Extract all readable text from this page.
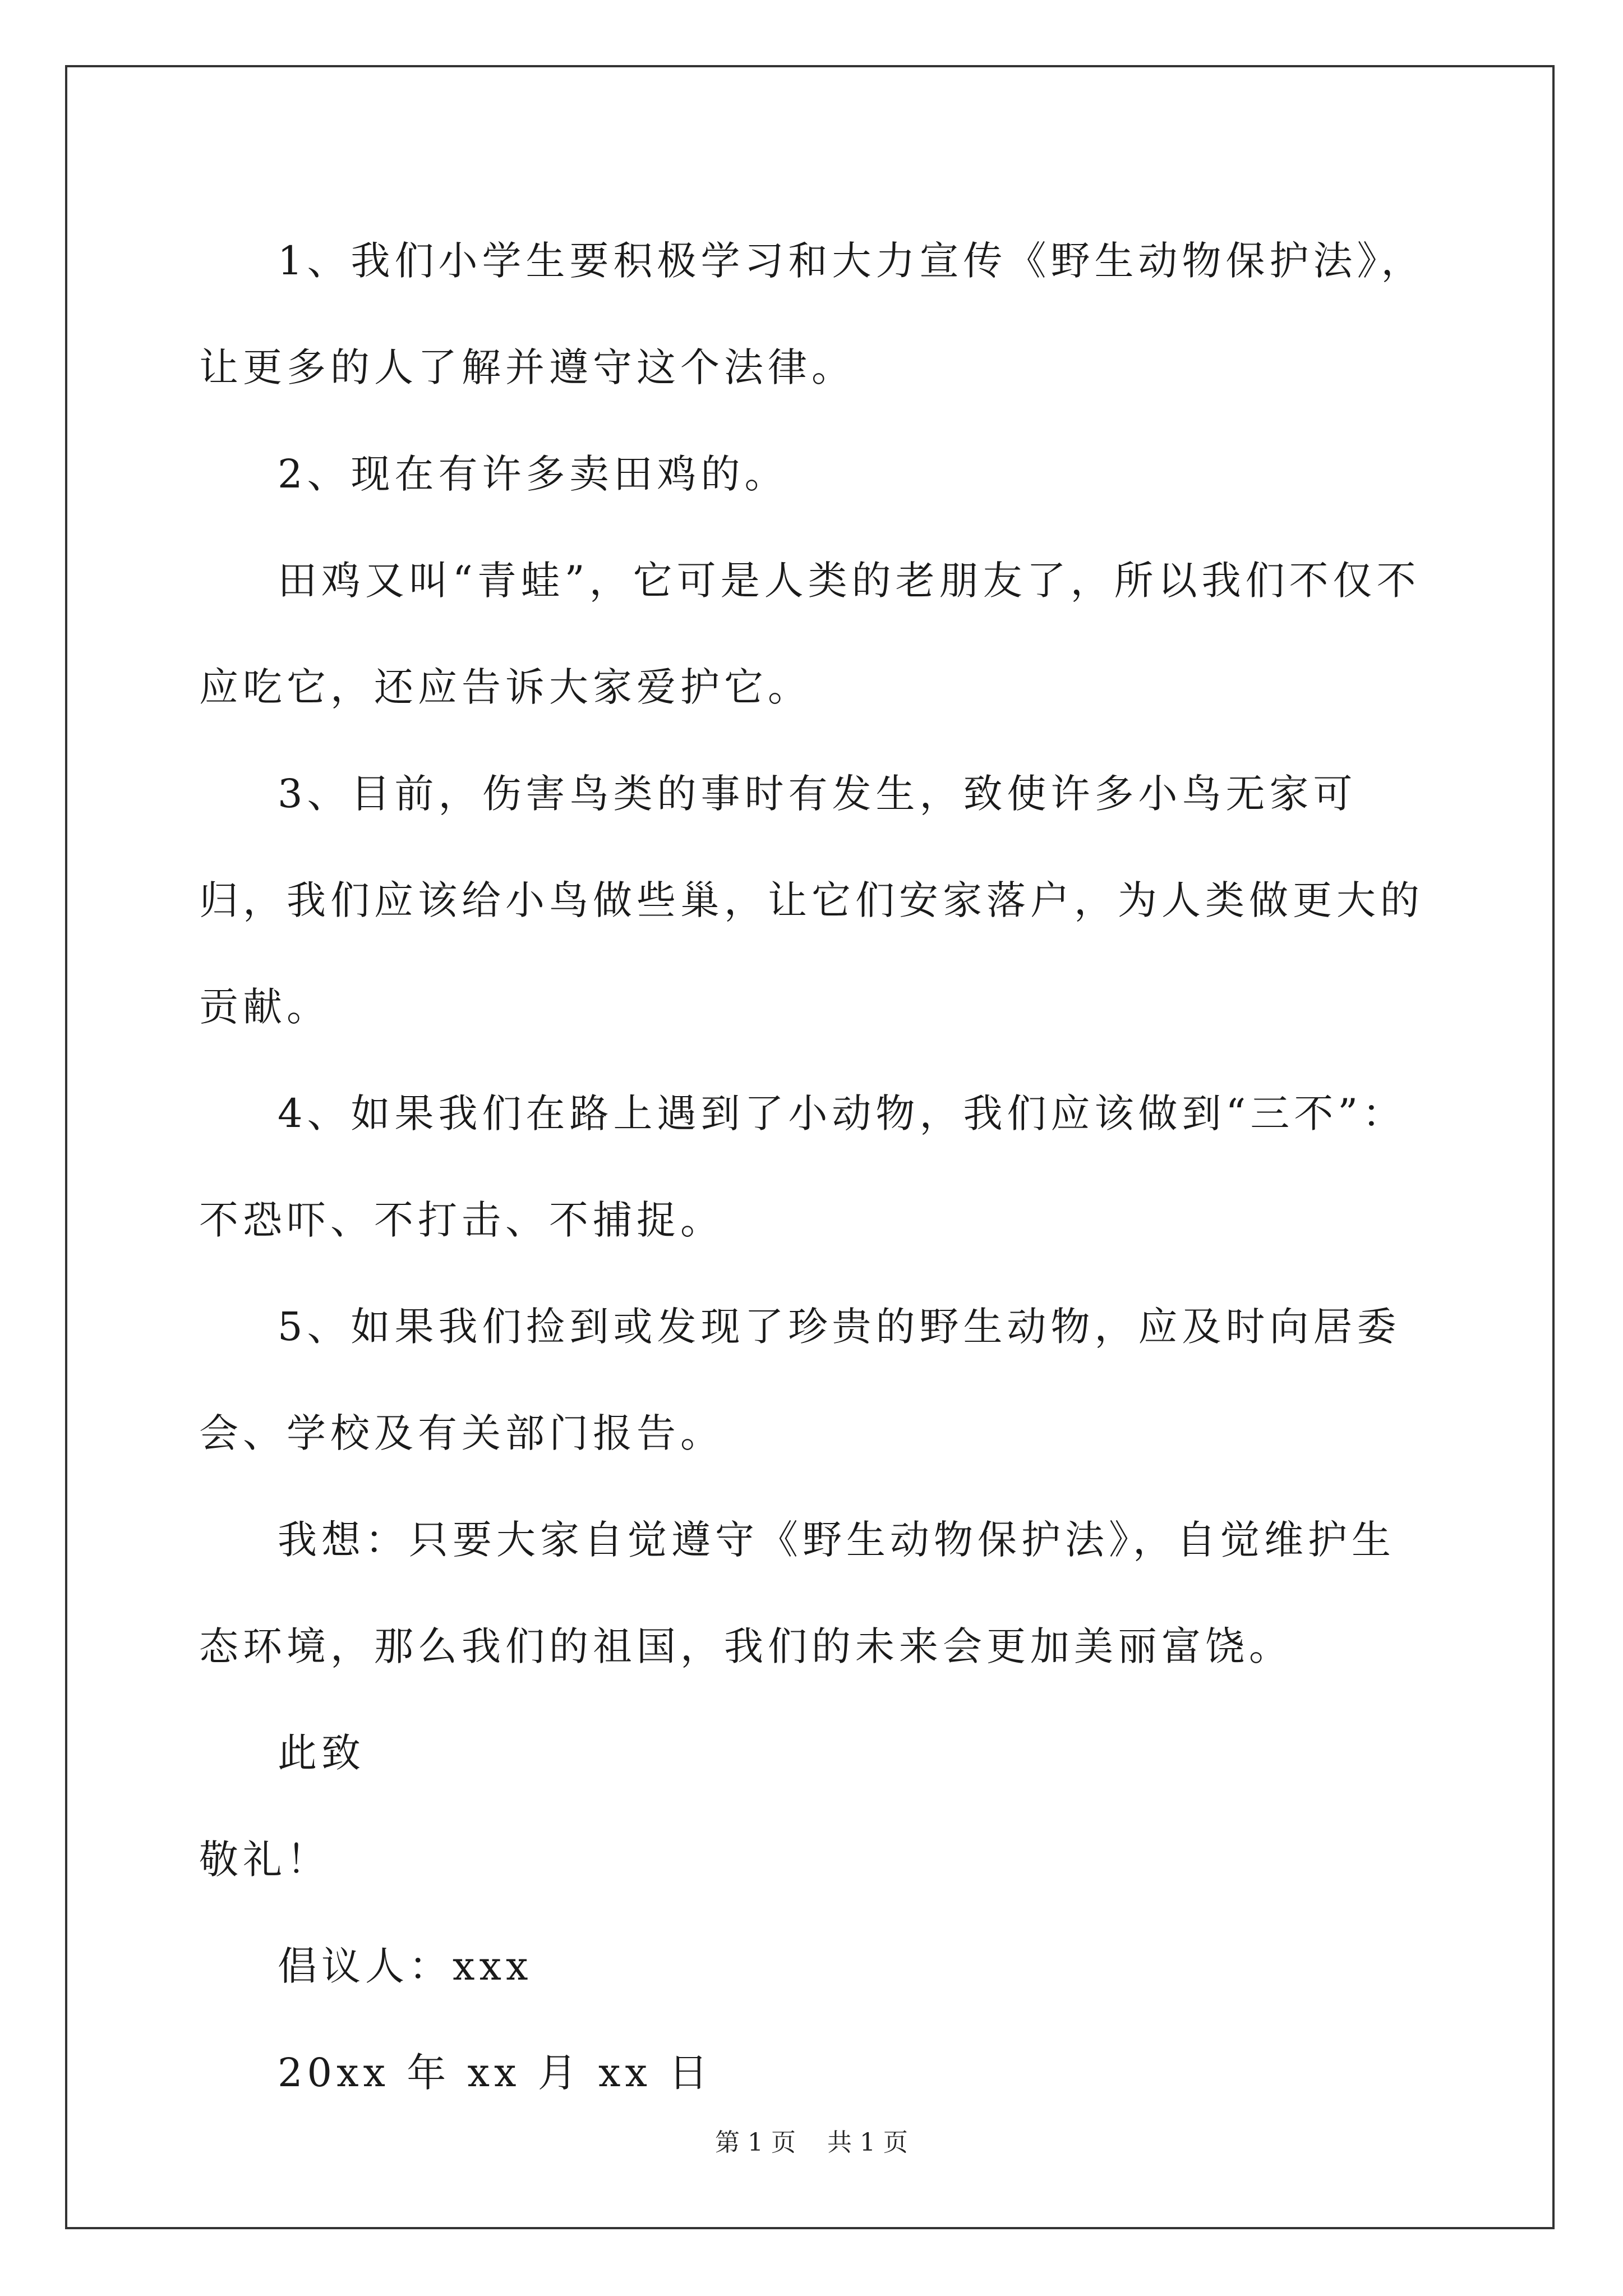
1、我们小学生要积极学习和大力宣传《野生动物保护法》，让更多的人了解并遵守这个法律。

2、现在有许多卖田鸡的。

田鸡又叫“青蛙”，它可是人类的老朋友了，所以我们不仅不应吃它，还应告诉大家爱护它。

3、目前，伤害鸟类的事时有发生，致使许多小鸟无家可归，我们应该给小鸟做些巢，让它们安家落户，为人类做更大的贡献。

4、如果我们在路上遇到了小动物，我们应该做到“三不”：不恐吓、不打击、不捕捉。

5、如果我们捡到或发现了珍贵的野生动物，应及时向居委会、学校及有关部门报告。

我想：只要大家自觉遵守《野生动物保护法》，自觉维护生态环境，那么我们的祖国，我们的未来会更加美丽富饶。

此致

敬礼！

倡议人：xxx

20xx 年 xx 月 xx 日

第 1 页 共 1 页
